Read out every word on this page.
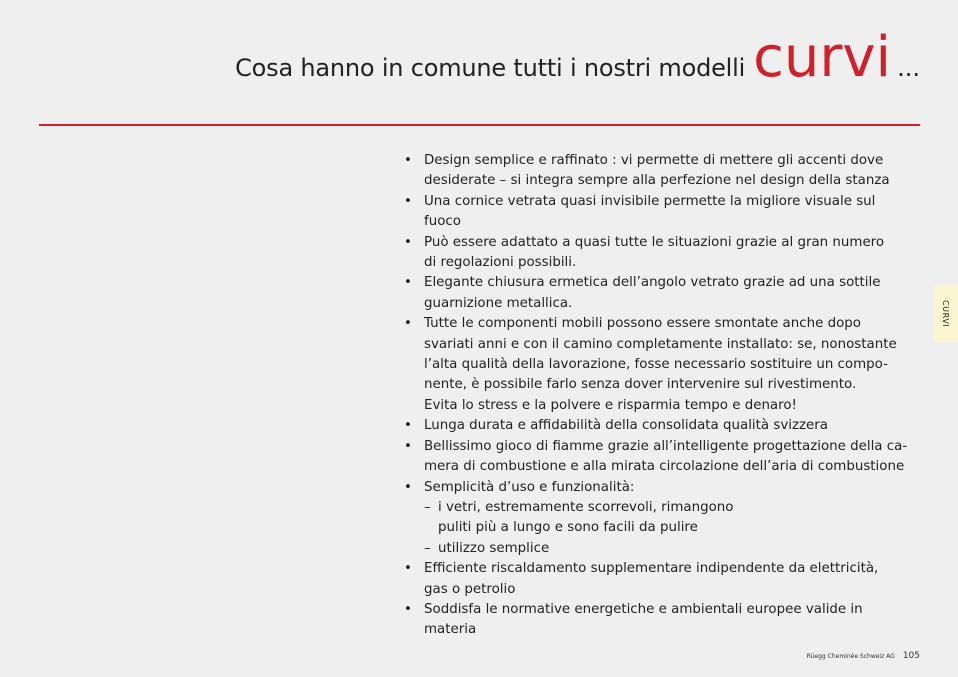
Cosa hanno in comune tutti i nostri modelli curvi ...
CURVI
• Design semplice e raffinato : vi permette di mettere gli accenti dove
desiderate – si integra sempre alla perfezione nel design della stanza
• Una cornice vetrata quasi invisibile permette la migliore visuale sul
fuoco
• Può essere adattato a quasi tutte le situazioni grazie al gran numero
di regolazioni possibili.
• Elegante chiusura ermetica dell’angolo vetrato grazie ad una sottile
guarnizione metallica.
• Tutte le componenti mobili possono essere smontate anche dopo
svariati anni e con il camino completamente installato: se, nonostante
l’alta qualità della lavorazione, fosse necessario sostituire un compo-
nente, è possibile farlo senza dover intervenire sul rivestimento.
Evita lo stress e la polvere e risparmia tempo e denaro!
• Lunga durata e affidabilità della consolidata qualità svizzera
• Bellissimo gioco di fiamme grazie all’intelligente progettazione della ca-
mera di combustione e alla mirata circolazione dell’aria di combustione
• Semplicità d’uso e funzionalità:
– i vetri, estremamente scorrevoli, rimangono
puliti più a lungo e sono facili da pulire
– utilizzo semplice
• Efficiente riscaldamento supplementare indipendente da elettricità,
gas o petrolio
• Soddisfa le normative energetiche e ambientali europee valide in
materia
Rüegg Cheminée Schweiz AG 105
